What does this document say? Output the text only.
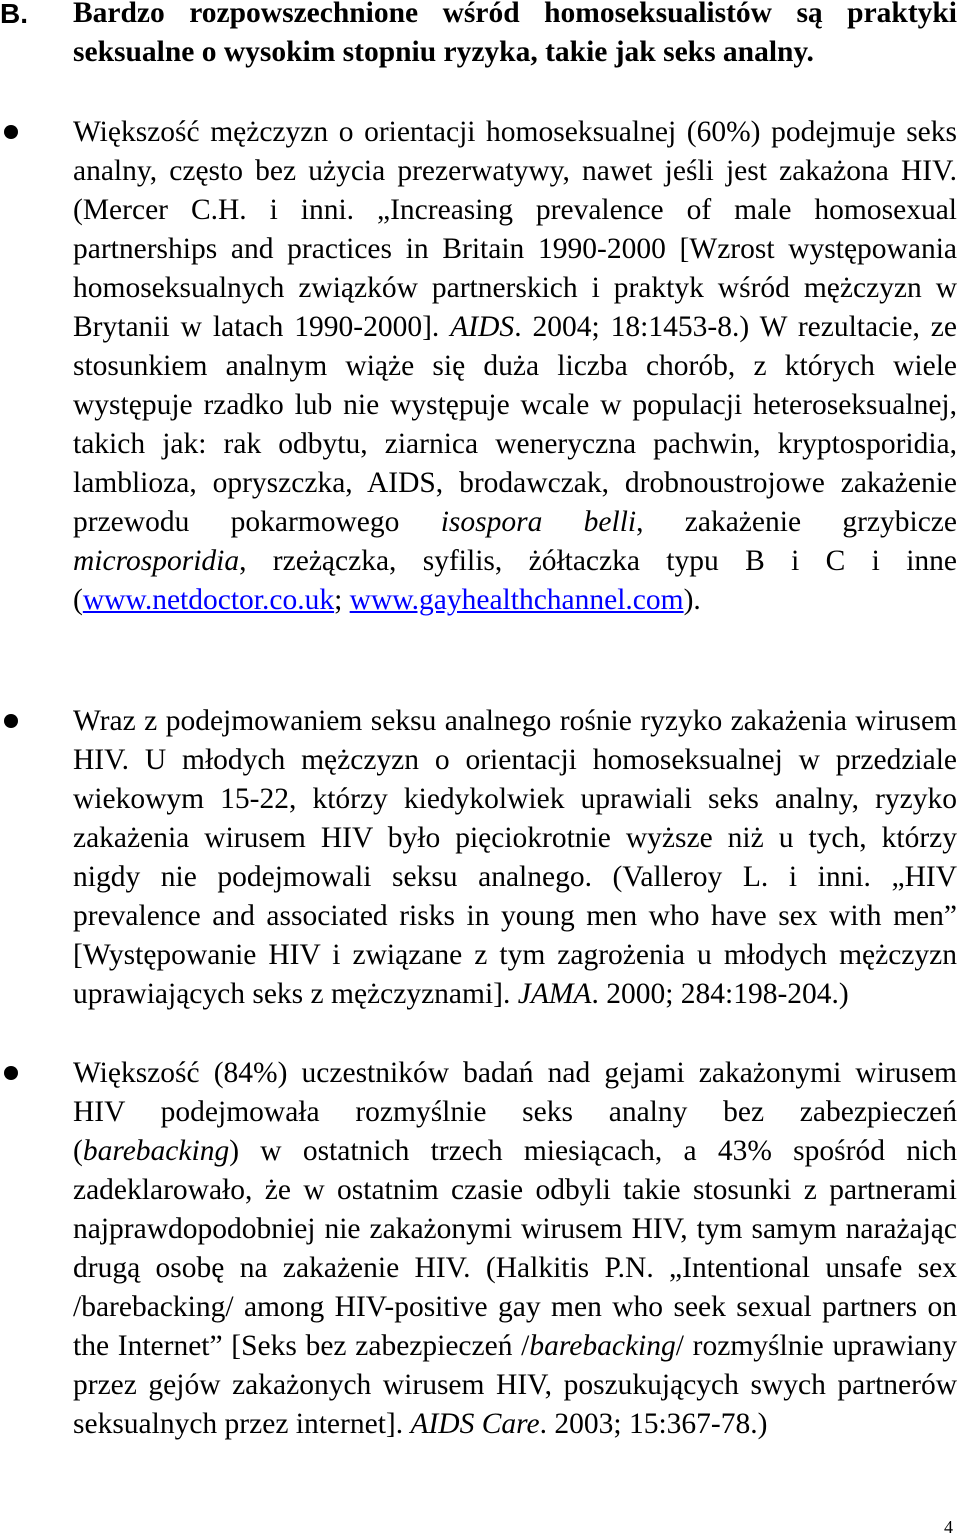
B. Bardzo rozpowszechnione wśród homoseksualistów są praktyki seksualne o wysokim stopniu ryzyka, takie jak seks analny.

Większość mężczyzn o orientacji homoseksualnej (60%) podejmuje seks analny, często bez użycia prezerwatywy, nawet jeśli jest zakażona HIV. (Mercer C.H. i inni. „Increasing prevalence of male homosexual partnerships and practices in Britain 1990-2000 [Wzrost występowania homoseksualnych związków partnerskich i praktyk wśród mężczyzn w Brytanii w latach 1990-2000]. AIDS. 2004; 18:1453-8.) W rezultacie, ze stosunkiem analnym wiąże się duża liczba chorób, z których wiele występuje rzadko lub nie występuje wcale w populacji heteroseksualnej, takich jak: rak odbytu, ziarnica weneryczna pachwin, kryptosporidia, lamblioza, opryszczka, AIDS, brodawczak, drobnoustrojowe zakażenie przewodu pokarmowego isospora belli, zakażenie grzybicze microsporidia, rzeżączka, syfilis, żółtaczka typu B i C i inne (www.netdoctor.co.uk; www.gayhealthchannel.com).

Wraz z podejmowaniem seksu analnego rośnie ryzyko zakażenia wirusem HIV. U młodych mężczyzn o orientacji homoseksualnej w przedziale wiekowym 15-22, którzy kiedykolwiek uprawiali seks analny, ryzyko zakażenia wirusem HIV było pięciokrotnie wyższe niż u tych, którzy nigdy nie podejmowali seksu analnego. (Valleroy L. i inni. „HIV prevalence and associated risks in young men who have sex with men” [Występowanie HIV i związane z tym zagrożenia u młodych mężczyzn uprawiających seks z mężczyznami]. JAMA. 2000; 284:198-204.)

Większość (84%) uczestników badań nad gejami zakażonymi wirusem HIV podejmowała rozmyślnie seks analny bez zabezpieczeń (barebacking) w ostatnich trzech miesiącach, a 43% spośród nich zadeklarowało, że w ostatnim czasie odbyli takie stosunki z partnerami najprawdopodobniej nie zakażonymi wirusem HIV, tym samym narażając drugą osobę na zakażenie HIV. (Halkitis P.N. „Intentional unsafe sex /barebacking/ among HIV-positive gay men who seek sexual partners on the Internet” [Seks bez zabezpieczeń /barebacking/ rozmyślnie uprawiany przez gejów zakażonych wirusem HIV, poszukujących swych partnerów seksualnych przez internet]. AIDS Care. 2003; 15:367-78.)

4
